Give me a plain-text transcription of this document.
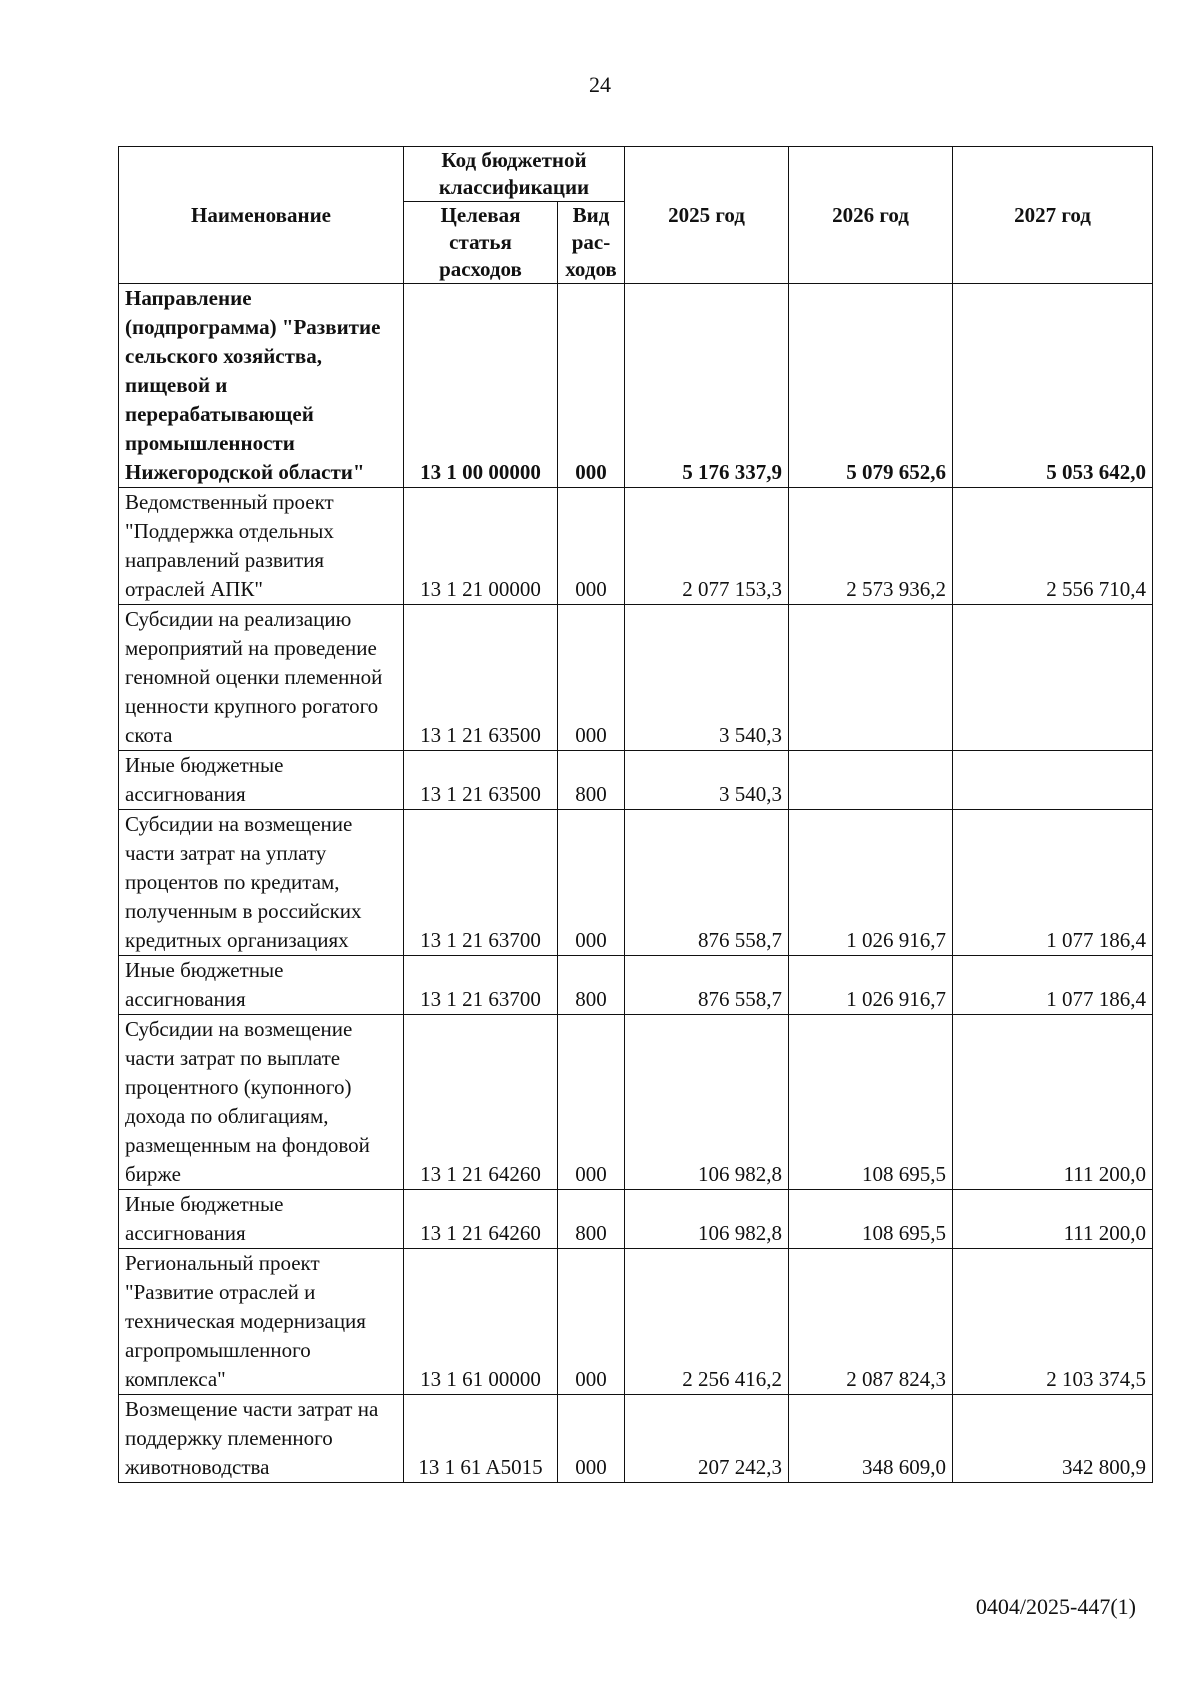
24
Наименование	Код бюджетной классификации		2025 год	2026 год	2027 год
	Целевая статья расходов	Вид рас-ходов			
Направление (подпрограмма) "Развитие сельского хозяйства, пищевой и перерабатывающей промышленности Нижегородской области"	13 1 00 00000	000	5 176 337,9	5 079 652,6	5 053 642,0
Ведомственный проект "Поддержка отдельных направлений развития отраслей АПК"	13 1 21 00000	000	2 077 153,3	2 573 936,2	2 556 710,4
Субсидии на реализацию мероприятий на проведение геномной оценки племенной ценности крупного рогатого скота	13 1 21 63500	000	3 540,3		
Иные бюджетные ассигнования	13 1 21 63500	800	3 540,3		
Субсидии на возмещение части затрат на уплату процентов по кредитам, полученным в российских кредитных организациях	13 1 21 63700	000	876 558,7	1 026 916,7	1 077 186,4
Иные бюджетные ассигнования	13 1 21 63700	800	876 558,7	1 026 916,7	1 077 186,4
Субсидии на возмещение части затрат по выплате процентного (купонного) дохода по облигациям, размещенным на фондовой бирже	13 1 21 64260	000	106 982,8	108 695,5	111 200,0
Иные бюджетные ассигнования	13 1 21 64260	800	106 982,8	108 695,5	111 200,0
Региональный проект "Развитие отраслей и техническая модернизация агропромышленного комплекса"	13 1 61 00000	000	2 256 416,2	2 087 824,3	2 103 374,5
Возмещение части затрат на поддержку племенного животноводства	13 1 61 A5015	000	207 242,3	348 609,0	342 800,9
0404/2025-447(1)
